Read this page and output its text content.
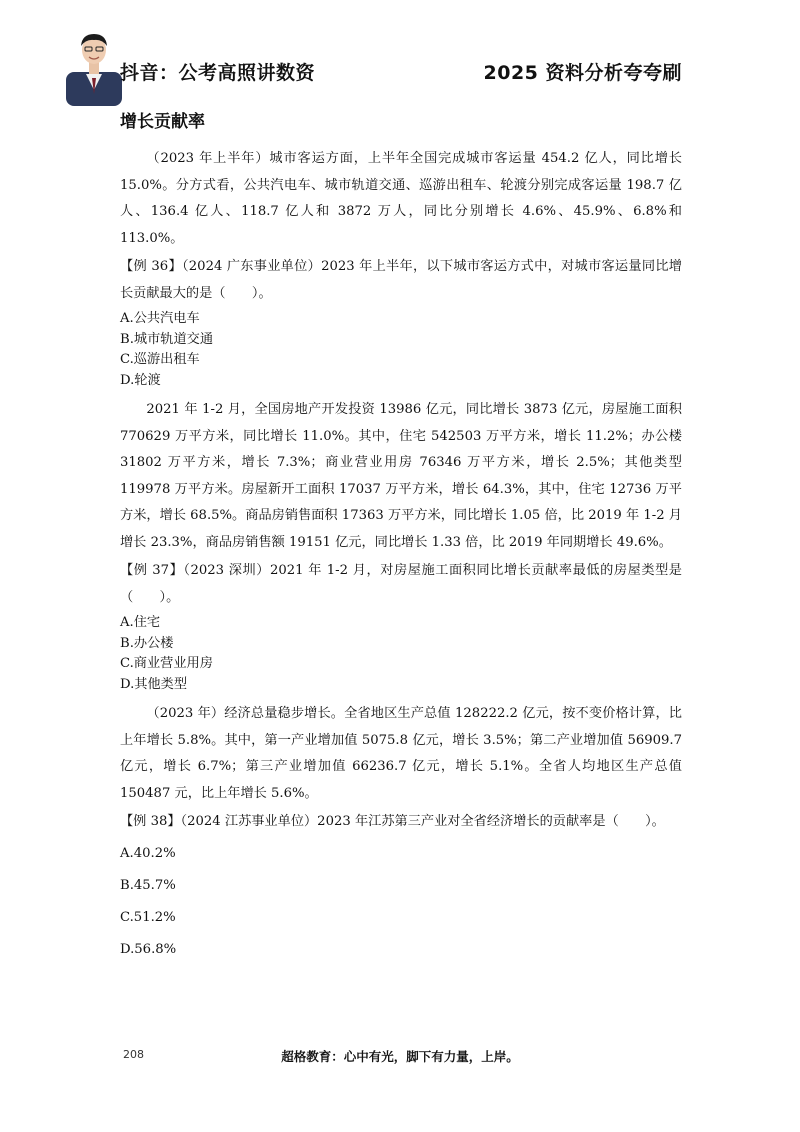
抖音：公考高照讲数资	2025 资料分析夸夸刷
增长贡献率

（2023 年上半年）城市客运方面，上半年全国完成城市客运量 454.2 亿人，同比增长 15.0%。分方式看，公共汽电车、城市轨道交通、巡游出租车、轮渡分别完成客运量 198.7 亿人、136.4 亿人、118.7 亿人和 3872 万人，同比分别增长 4.6%、45.9%、6.8%和 113.0%。

【例 36】（2024 广东事业单位）2023 年上半年，以下城市客运方式中，对城市客运量同比增长贡献最大的是（　　）。

A.公共汽电车
B.城市轨道交通
C.巡游出租车
D.轮渡

2021 年 1-2 月，全国房地产开发投资 13986 亿元，同比增长 3873 亿元，房屋施工面积 770629 万平方米，同比增长 11.0%。其中，住宅 542503 万平方米，增长 11.2%；办公楼 31802 万平方米，增长 7.3%；商业营业用房 76346 万平方米，增长 2.5%；其他类型 119978 万平方米。房屋新开工面积 17037 万平方米，增长 64.3%，其中，住宅 12736 万平方米，增长 68.5%。商品房销售面积 17363 万平方米，同比增长 1.05 倍，比 2019 年 1-2 月增长 23.3%，商品房销售额 19151 亿元，同比增长 1.33 倍，比 2019 年同期增长 49.6%。

【例 37】（2023 深圳）2021 年 1-2 月，对房屋施工面积同比增长贡献率最低的房屋类型是（　　）。

A.住宅
B.办公楼
C.商业营业用房
D.其他类型

（2023 年）经济总量稳步增长。全省地区生产总值 128222.2 亿元，按不变价格计算，比上年增长 5.8%。其中，第一产业增加值 5075.8 亿元，增长 3.5%；第二产业增加值 56909.7 亿元，增长 6.7%；第三产业增加值 66236.7 亿元，增长 5.1%。全省人均地区生产总值 150487 元，比上年增长 5.6%。

【例 38】（2024 江苏事业单位）2023 年江苏第三产业对全省经济增长的贡献率是（　　）。

A.40.2%
B.45.7%
C.51.2%
D.56.8%
208	超格教育：心中有光，脚下有力量，上岸。
